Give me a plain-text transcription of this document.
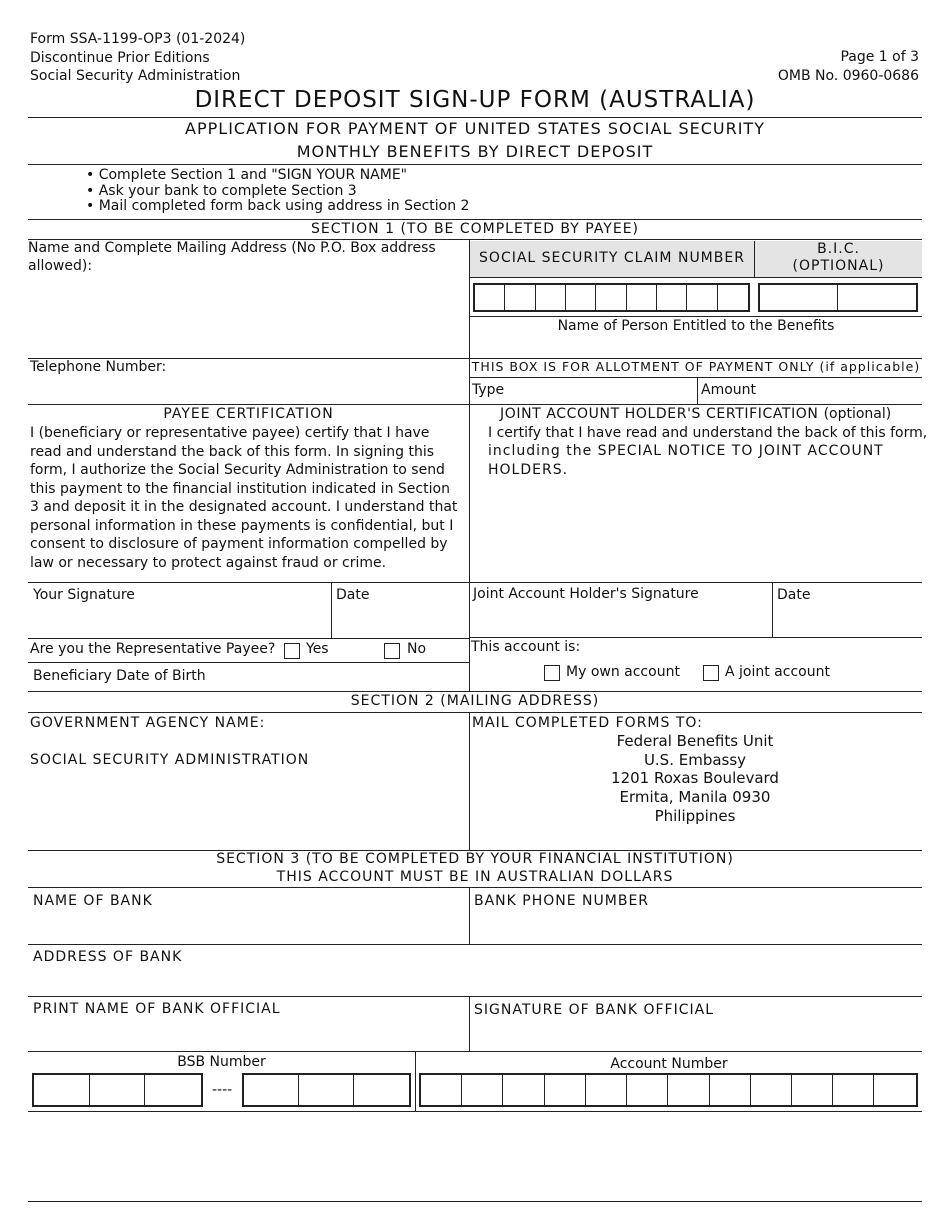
Form SSA-1199-OP3 (01-2024)
Discontinue Prior Editions
Social Security Administration
Page 1 of 3
OMB No. 0960-0686
DIRECT DEPOSIT SIGN-UP FORM (AUSTRALIA)
APPLICATION FOR PAYMENT OF UNITED STATES SOCIAL SECURITY
MONTHLY BENEFITS BY DIRECT DEPOSIT
• Complete Section 1 and "SIGN YOUR NAME"
• Ask your bank to complete Section 3
• Mail completed form back using address in Section 2
SECTION 1 (TO BE COMPLETED BY PAYEE)
Name and Complete Mailing Address (No P.O. Box address
allowed):	SOCIAL SECURITY CLAIM NUMBER
B.I.C.
(OPTIONAL)
Name of Person Entitled to the Benefits
Telephone Number:	THIS BOX IS FOR ALLOTMENT OF PAYMENT ONLY (if applicable)
Type	Amount
PAYEE CERTIFICATION
I (beneficiary or representative payee) certify that I have read and understand the back of this form. In signing this form, I authorize the Social Security Administration to send this payment to the financial institution indicated in Section 3 and deposit it in the designated account. I understand that personal information in these payments is confidential, but I consent to disclosure of payment information compelled by law or necessary to protect against fraud or crime.
JOINT ACCOUNT HOLDER'S CERTIFICATION (optional)
I certify that I have read and understand the back of this form,
including the SPECIAL NOTICE TO JOINT ACCOUNT
HOLDERS.
Your Signature	Date	Joint Account Holder's Signature	Date
Are you the Representative Payee? Yes	No
Beneficiary Date of Birth
This account is:
My own account	A joint account
SECTION 2 (MAILING ADDRESS)
GOVERNMENT AGENCY NAME:
SOCIAL SECURITY ADMINISTRATION
MAIL COMPLETED FORMS TO:
Federal Benefits Unit
U.S. Embassy
1201 Roxas Boulevard
Ermita, Manila 0930
Philippines
SECTION 3 (TO BE COMPLETED BY YOUR FINANCIAL INSTITUTION)
THIS ACCOUNT MUST BE IN AUSTRALIAN DOLLARS
NAME OF BANK	BANK PHONE NUMBER
ADDRESS OF BANK
PRINT NAME OF BANK OFFICIAL	SIGNATURE OF BANK OFFICIAL
BSB Number
----
Account Number
